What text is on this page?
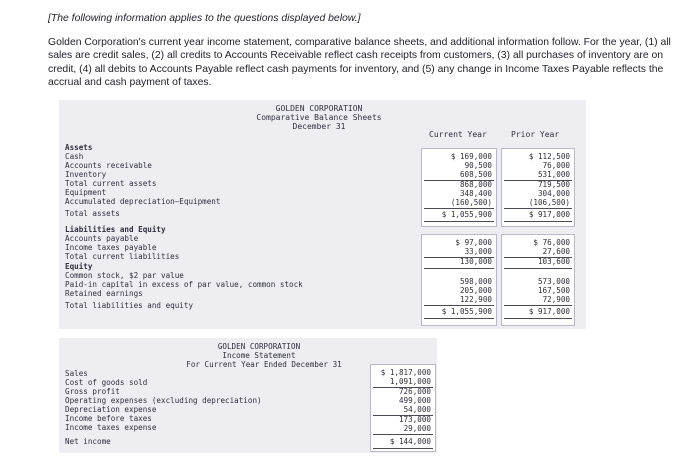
[The following information applies to the questions displayed below.]
Golden Corporation's current year income statement, comparative balance sheets, and additional information follow. For the year, (1) all sales are credit sales, (2) all credits to Accounts Receivable reflect cash receipts from customers, (3) all purchases of inventory are on credit, (4) all debits to Accounts Payable reflect cash payments for inventory, and (5) any change in Income Taxes Payable reflects the accrual and cash payment of taxes.
GOLDEN CORPORATION
Comparative Balance Sheets
December 31
Current Year	Prior Year
Assets
Cash
Accounts receivable
Inventory
Total current assets
Equipment
Accumulated depreciation—Equipment
Total assets
Liabilities and Equity
Accounts payable
Income taxes payable
Total current liabilities
Equity
Common stock, $2 par value
Paid-in capital in excess of par value, common stock
Retained earnings
Total liabilities and equity
$ 169,000
90,500
608,500
868,000
348,400
(160,500)
$ 1,055,900
$ 112,500
76,000
531,000
719,500
304,000
(106,500)
$ 917,000
$ 97,000
33,000
130,000
598,000
205,000
122,900
$ 1,055,900
$ 76,000
27,600
103,600
573,000
167,500
72,900
$ 917,000
GOLDEN CORPORATION
Income Statement
For Current Year Ended December 31
Sales
Cost of goods sold
Gross profit
Operating expenses (excluding depreciation)
Depreciation expense
Income before taxes
Income taxes expense
Net income
$ 1,817,000
1,091,000
726,000
499,000
54,000
173,000
29,000
$ 144,000
